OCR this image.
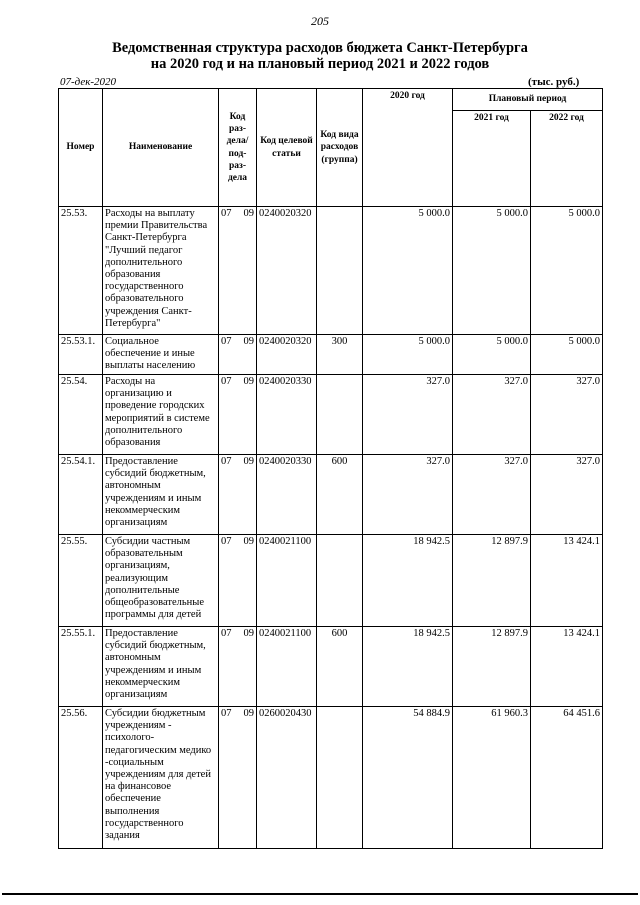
205
Ведомственная структура расходов бюджета Санкт-Петербурга
на 2020 год и на плановый период 2021 и 2022 годов
07-дек-2020	(тыс. руб.)
Номер	Наименование	Код раз-дела/ под-раз-дела	Код целевой статьи	Код вида расходов (группа)	2020 год	Плановый период	
						2021 год	2022 год
25.53.	Расходы на выплату премии Правительства Санкт-Петербурга "Лучший педагог дополнительного образования государственного образовательного учреждения Санкт-Петербурга"	07 09	0240020320		5 000.0	5 000.0	5 000.0
25.53.1.	Социальное обеспечение и иные выплаты населению	07 09	0240020320	300	5 000.0	5 000.0	5 000.0
25.54.	Расходы на организацию и проведение городских мероприятий в системе дополнительного образования	07 09	0240020330		327.0	327.0	327.0
25.54.1.	Предоставление субсидий бюджетным, автономным учреждениям и иным некоммерческим организациям	07 09	0240020330	600	327.0	327.0	327.0
25.55.	Субсидии частным образовательным организациям, реализующим дополнительные общеобразовательные программы для детей	07 09	0240021100		18 942.5	12 897.9	13 424.1
25.55.1.	Предоставление субсидий бюджетным, автономным учреждениям и иным некоммерческим организациям	07 09	0240021100	600	18 942.5	12 897.9	13 424.1
25.56.	Субсидии бюджетным учреждениям - психолого-педагогическим медико -социальным учреждениям для детей на финансовое обеспечение выполнения государственного задания	07 09	0260020430		54 884.9	61 960.3	64 451.6
